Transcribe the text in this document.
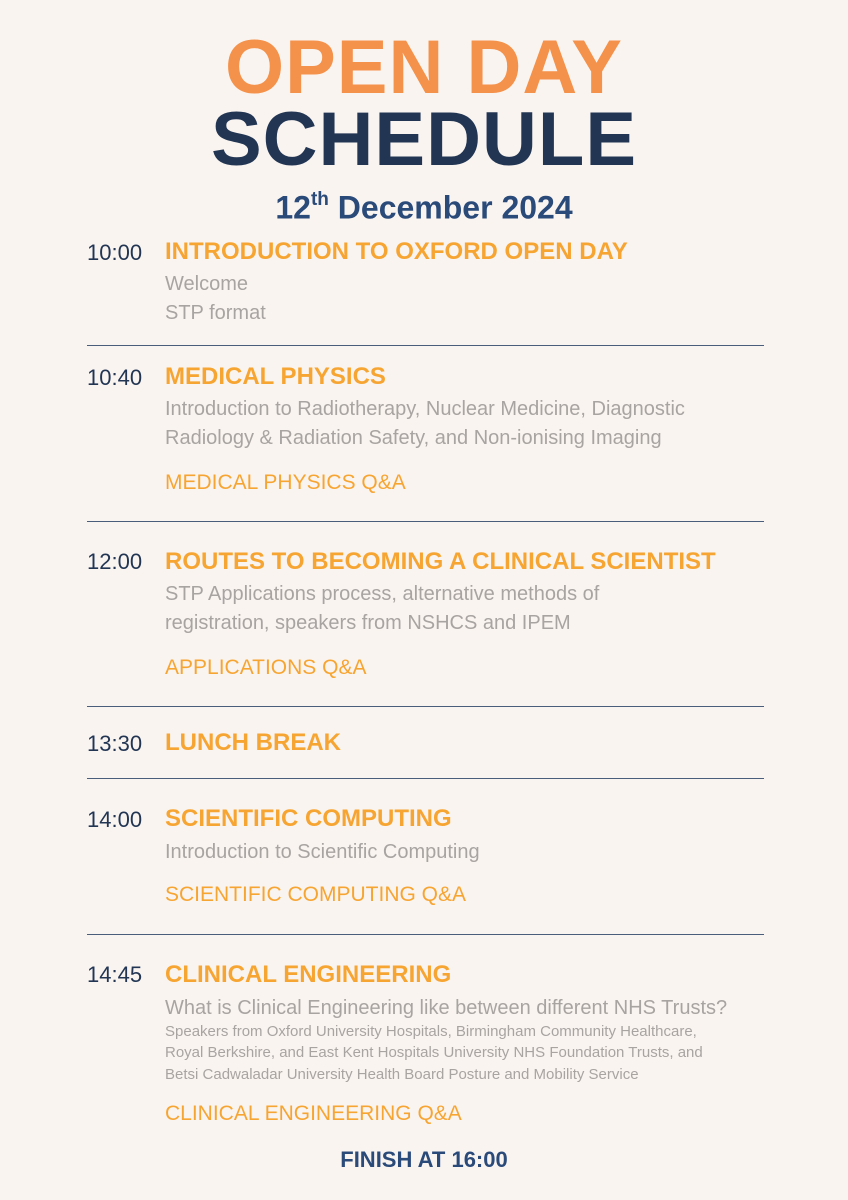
OPEN DAY
SCHEDULE
12th December 2024
10:00 INTRODUCTION TO OXFORD OPEN DAY
Welcome
STP format
10:40 MEDICAL PHYSICS
Introduction to Radiotherapy, Nuclear Medicine, Diagnostic
Radiology & Radiation Safety, and Non-ionising Imaging
MEDICAL PHYSICS Q&A
12:00 ROUTES TO BECOMING A CLINICAL SCIENTIST
STP Applications process, alternative methods of
registration, speakers from NSHCS and IPEM
APPLICATIONS Q&A
13:30 LUNCH BREAK
14:00 SCIENTIFIC COMPUTING
Introduction to Scientific Computing
SCIENTIFIC COMPUTING Q&A
14:45 CLINICAL ENGINEERING
What is Clinical Engineering like between different NHS Trusts?
Speakers from Oxford University Hospitals, Birmingham Community Healthcare,
Royal Berkshire, and East Kent Hospitals University NHS Foundation Trusts, and
Betsi Cadwaladar University Health Board Posture and Mobility Service
CLINICAL ENGINEERING Q&A
FINISH AT 16:00
